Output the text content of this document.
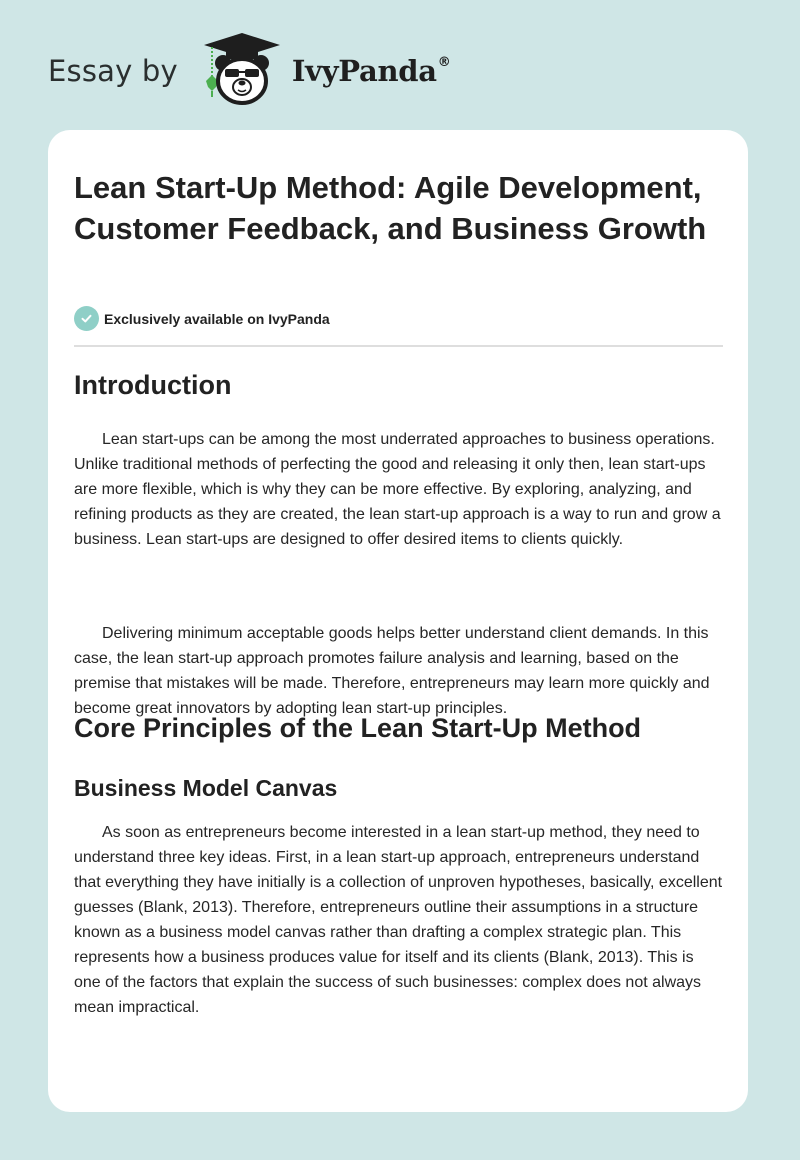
Essay by	IvyPanda®
Lean Start-Up Method: Agile Development, Customer Feedback, and Business Growth
Exclusively available on IvyPanda
Introduction

Lean start-ups can be among the most underrated approaches to business operations. Unlike traditional methods of perfecting the good and releasing it only then, lean start-ups are more flexible, which is why they can be more effective. By exploring, analyzing, and refining products as they are created, the lean start-up approach is a way to run and grow a business. Lean start-ups are designed to offer desired items to clients quickly.

Delivering minimum acceptable goods helps better understand client demands. In this case, the lean start-up approach promotes failure analysis and learning, based on the premise that mistakes will be made. Therefore, entrepreneurs may learn more quickly and become great innovators by adopting lean start-up principles.

Core Principles of the Lean Start-Up Method
Business Model Canvas

As soon as entrepreneurs become interested in a lean start-up method, they need to understand three key ideas. First, in a lean start-up approach, entrepreneurs understand that everything they have initially is a collection of unproven hypotheses, basically, excellent guesses (Blank, 2013). Therefore, entrepreneurs outline their assumptions in a structure known as a business model canvas rather than drafting a complex strategic plan. This represents how a business produces value for itself and its clients (Blank, 2013). This is one of the factors that explain the success of such businesses: complex does not always mean impractical.
